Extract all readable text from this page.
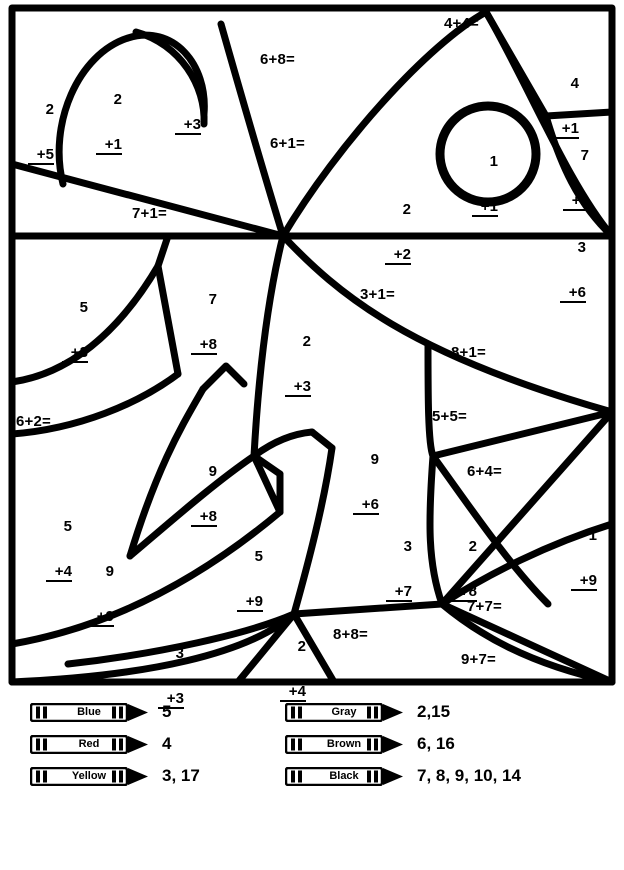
2

+5

2

+1

4

+3

6+8=
4+4=

4

+1

7

+2

6+1=

1

+1

2

+2

7+1=

3

+6

5

+3

7

+8

	2

+3

3+1=
8+1=
6+2=	5+5=

9

+8

9

+6

6+4=

5

+4

	9

+9

5

+9

3

+7

2

+8

1

+9

3

+3

2

+4

8+8=
7+7=
9+7=
Blue	5
Red	4
Yellow	3, 17
Gray	2,15
Brown	6, 16
Black	7, 8, 9, 10, 14
